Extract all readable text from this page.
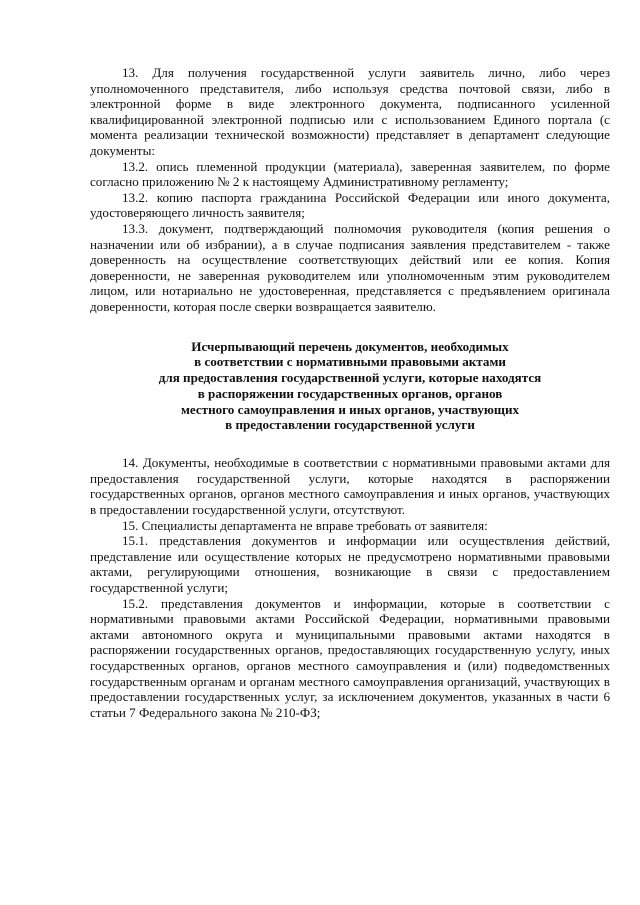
13. Для получения государственной услуги заявитель лично, либо через уполномоченного представителя, либо используя средства почтовой связи, либо в электронной форме в виде электронного документа, подписанного усиленной квалифицированной электронной подписью или с использованием Единого портала (с момента реализации технической возможности) представляет в департамент следующие документы:

13.2. опись племенной продукции (материала), заверенная заявителем, по форме согласно приложению № 2 к настоящему Административному регламенту;

13.2. копию паспорта гражданина Российской Федерации или иного документа, удостоверяющего личность заявителя;

13.3. документ, подтверждающий полномочия руководителя (копия решения о назначении или об избрании), а в случае подписания заявления представителем - также доверенность на осуществление соответствующих действий или ее копия. Копия доверенности, не заверенная руководителем или уполномоченным этим руководителем лицом, или нотариально не удостоверенная, представляется с предъявлением оригинала доверенности, которая после сверки возвращается заявителю.

Исчерпывающий перечень документов, необходимых
в соответствии с нормативными правовыми актами
для предоставления государственной услуги, которые находятся
в распоряжении государственных органов, органов
местного самоуправления и иных органов, участвующих
в предоставлении государственной услуги

14. Документы, необходимые в соответствии с нормативными правовыми актами для предоставления государственной услуги, которые находятся в распоряжении государственных органов, органов местного самоуправления и иных органов, участвующих в предоставлении государственной услуги, отсутствуют.

15. Специалисты департамента не вправе требовать от заявителя:

15.1. представления документов и информации или осуществления действий, представление или осуществление которых не предусмотрено нормативными правовыми актами, регулирующими отношения, возникающие в связи с предоставлением государственной услуги;

15.2. представления документов и информации, которые в соответствии с нормативными правовыми актами Российской Федерации, нормативными правовыми актами автономного округа и муниципальными правовыми актами находятся в распоряжении государственных органов, предоставляющих государственную услугу, иных государственных органов, органов местного самоуправления и (или) подведомственных государственным органам и органам местного самоуправления организаций, участвующих в предоставлении государственных услуг, за исключением документов, указанных в части 6 статьи 7 Федерального закона № 210-ФЗ;
